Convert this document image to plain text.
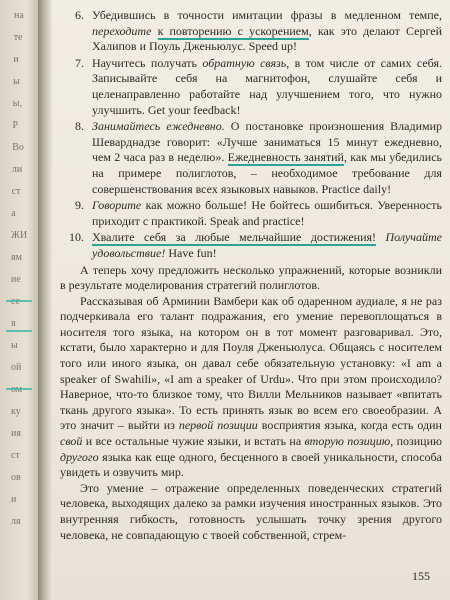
на
те
и
ы
ы,
Р
Bo
ли
ст
а
ЖИ
ям
ие
я
ы
ой
ку
ия
ст
ов
и
ля
6. Убедившись в точности имитации фразы в медленном темпе, переходите к повторению с ускорением, как это делают Сергей Халипов и Поуль Дженьюлус. Speed up!
7. Научитесь получать обратную связь, в том числе от самих себя. Записывайте себя на магнитофон, слушайте себя и целенаправленно работайте над улучшением того, что нужно улучшить. Get your feedback!
8. Занимайтесь ежедневно. О постановке произношения Владимир Шеварднадзе говорит: «Лучше заниматься 15 минут ежедневно, чем 2 часа раз в неделю». Ежедневность занятий, как мы убедились на примере полиглотов, – необходимое требование для совершенствования всех языковых навыков. Practice daily!
9. Говорите как можно больше! Не бойтесь ошибиться. Уверенность приходит с практикой. Speak and practice!
10. Хвалите себя за любые мельчайшие достижения! Получайте удовольствие! Have fun!

А теперь хочу предложить несколько упражнений, которые возникли в результате моделирования стратегий полиглотов.

Рассказывая об Арминии Вамбери как об одаренном аудиале, я не раз подчеркивала его талант подражания, его умение перевоплощаться в носителя того языка, на котором он в тот момент разговаривал. Это, кстати, было характерно и для Поуля Дженьюлуса. Общаясь с носителем того или иного языка, он давал себе обязательную установку: «I am a speaker of Swahili», «I am a speaker of Urdu». Что при этом происходило? Наверное, что-то близкое тому, что Вилли Мельников называет «впитать ткань другого языка». То есть принять язык во всем его своеобразии. А это значит – выйти из первой позиции восприятия языка, когда есть один свой и все остальные чужие языки, и встать на вторую позицию, позицию другого языка как еще одного, бесценного в своей уникальности, способа увидеть и озвучить мир.

Это умение – отражение определенных поведенческих стратегий человека, выходящих далеко за рамки изучения иностранных языков. Это внутренняя гибкость, готовность услышать точку зрения другого человека, не совпадающую с твоей собственной, стрем-

155
